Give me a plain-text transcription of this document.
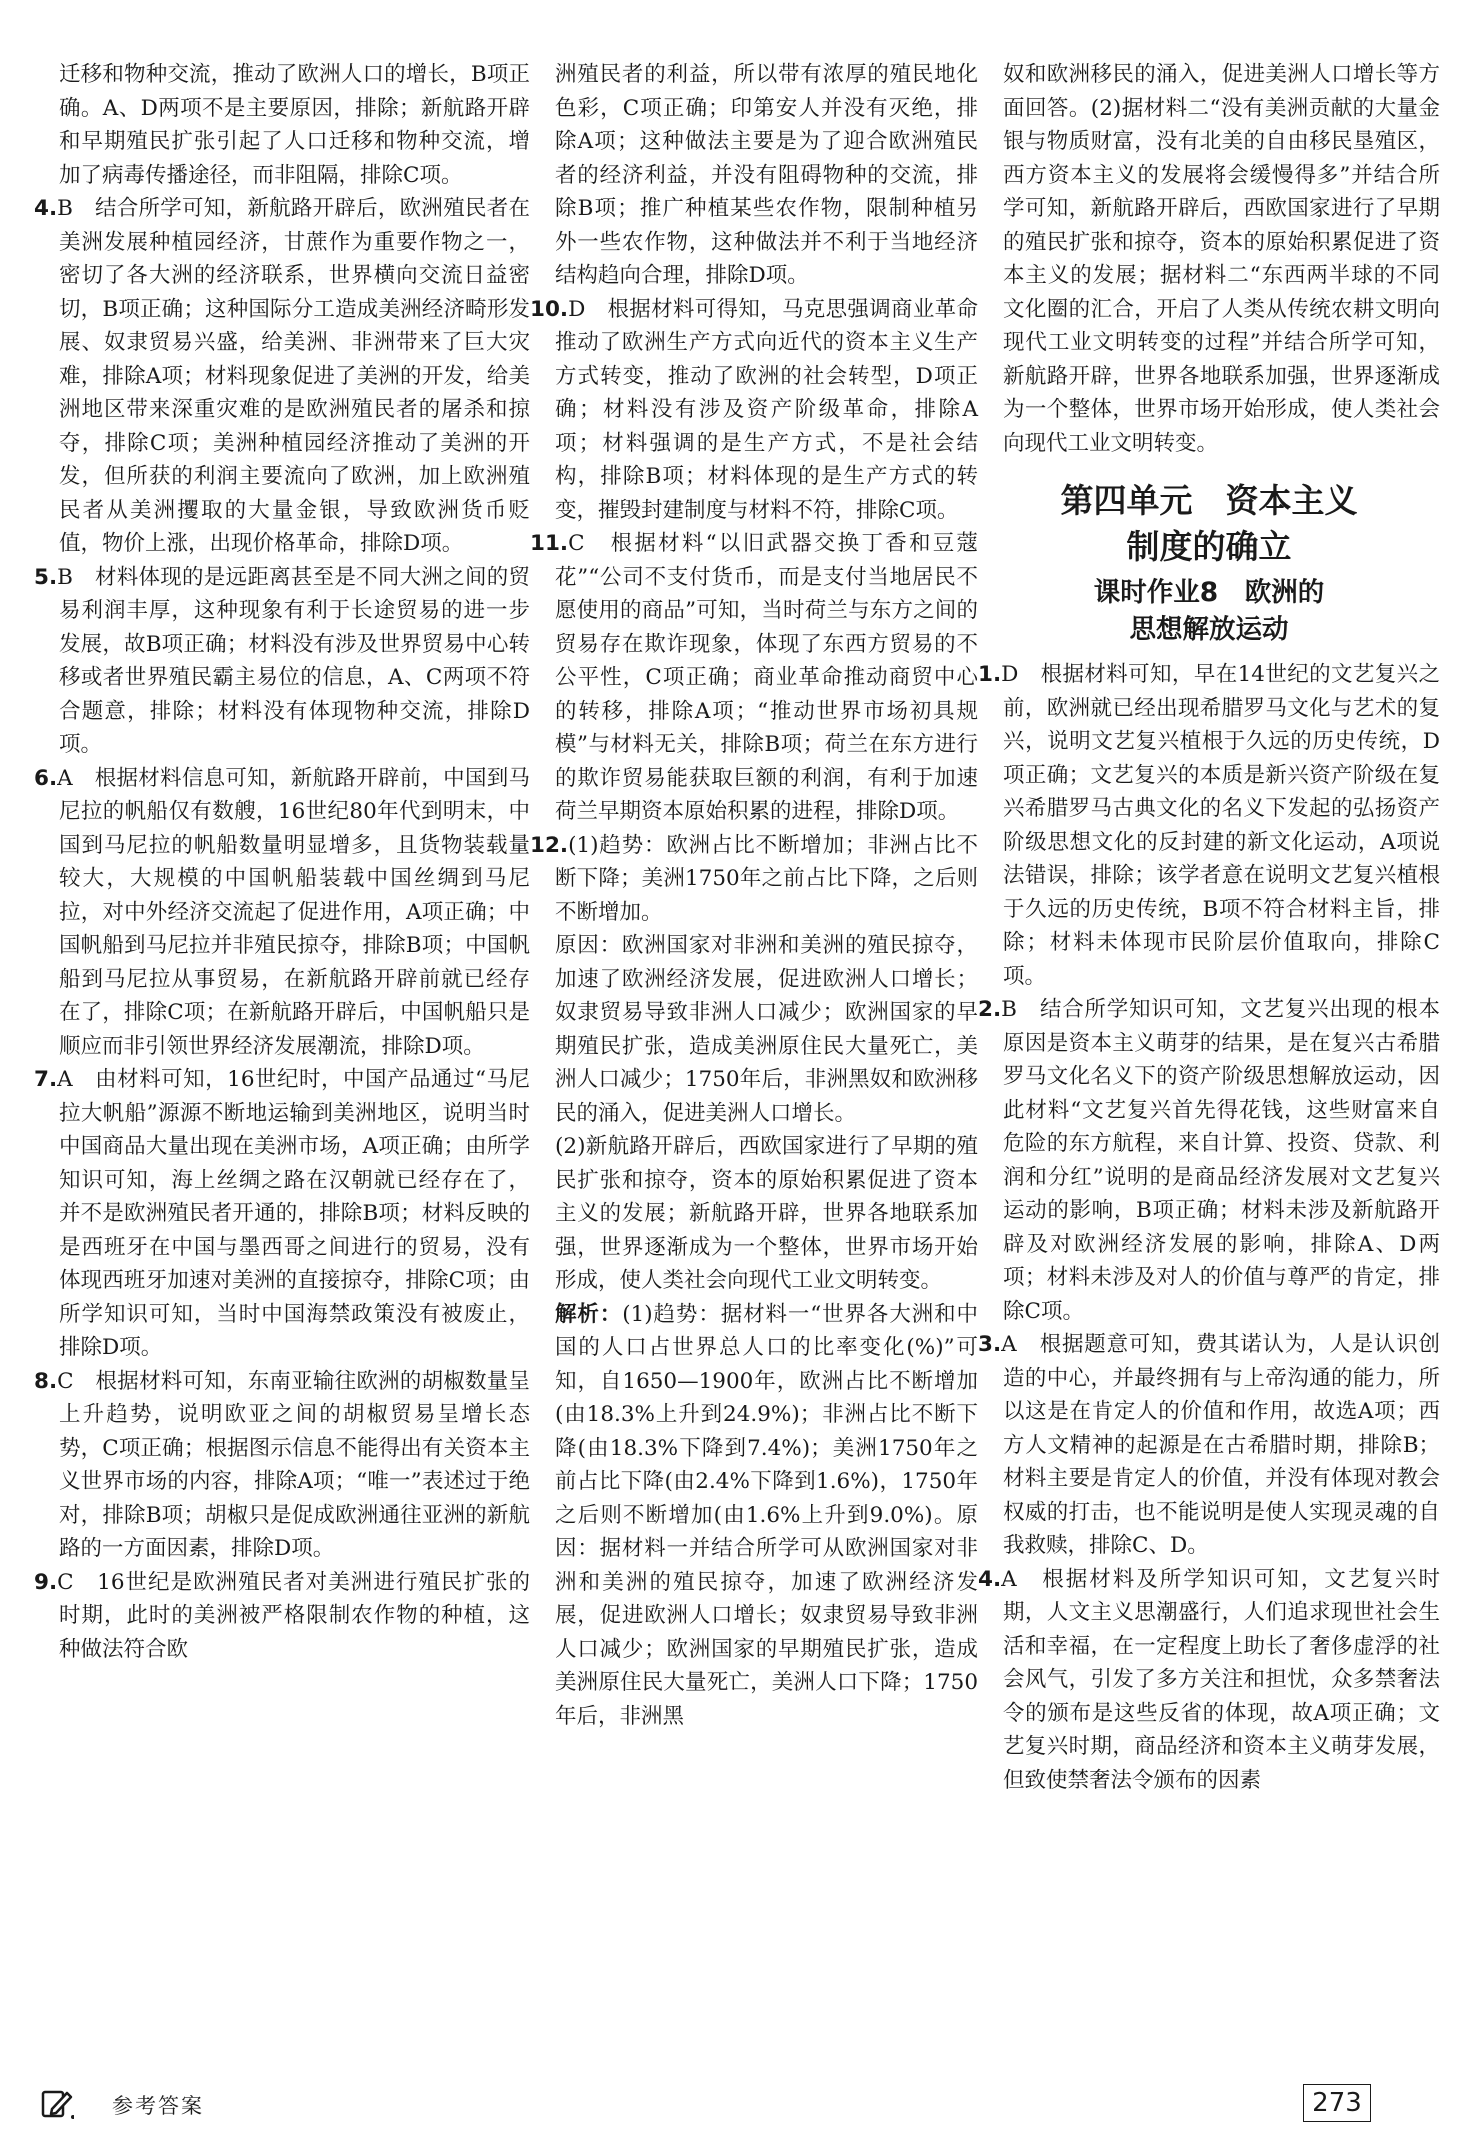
迁移和物种交流，推动了欧洲人口的增长，B项正确。A、D两项不是主要原因，排除；新航路开辟和早期殖民扩张引起了人口迁移和物种交流，增加了病毒传播途径，而非阻隔，排除C项。

4.B　结合所学可知，新航路开辟后，欧洲殖民者在美洲发展种植园经济，甘蔗作为重要作物之一，密切了各大洲的经济联系，世界横向交流日益密切，B项正确；这种国际分工造成美洲经济畸形发展、奴隶贸易兴盛，给美洲、非洲带来了巨大灾难，排除A项；材料现象促进了美洲的开发，给美洲地区带来深重灾难的是欧洲殖民者的屠杀和掠夺，排除C项；美洲种植园经济推动了美洲的开发，但所获的利润主要流向了欧洲，加上欧洲殖民者从美洲攫取的大量金银，导致欧洲货币贬值，物价上涨，出现价格革命，排除D项。

5.B　材料体现的是远距离甚至是不同大洲之间的贸易利润丰厚，这种现象有利于长途贸易的进一步发展，故B项正确；材料没有涉及世界贸易中心转移或者世界殖民霸主易位的信息，A、C两项不符合题意，排除；材料没有体现物种交流，排除D项。

6.A　根据材料信息可知，新航路开辟前，中国到马尼拉的帆船仅有数艘，16世纪80年代到明末，中国到马尼拉的帆船数量明显增多，且货物装载量较大，大规模的中国帆船装载中国丝绸到马尼拉，对中外经济交流起了促进作用，A项正确；中国帆船到马尼拉并非殖民掠夺，排除B项；中国帆船到马尼拉从事贸易，在新航路开辟前就已经存在了，排除C项；在新航路开辟后，中国帆船只是顺应而非引领世界经济发展潮流，排除D项。

7.A　由材料可知，16世纪时，中国产品通过“马尼拉大帆船”源源不断地运输到美洲地区，说明当时中国商品大量出现在美洲市场，A项正确；由所学知识可知，海上丝绸之路在汉朝就已经存在了，并不是欧洲殖民者开通的，排除B项；材料反映的是西班牙在中国与墨西哥之间进行的贸易，没有体现西班牙加速对美洲的直接掠夺，排除C项；由所学知识可知，当时中国海禁政策没有被废止，排除D项。

8.C　根据材料可知，东南亚输往欧洲的胡椒数量呈上升趋势，说明欧亚之间的胡椒贸易呈增长态势，C项正确；根据图示信息不能得出有关资本主义世界市场的内容，排除A项；“唯一”表述过于绝对，排除B项；胡椒只是促成欧洲通往亚洲的新航路的一方面因素，排除D项。

9.C　16世纪是欧洲殖民者对美洲进行殖民扩张的时期，此时的美洲被严格限制农作物的种植，这种做法符合欧

洲殖民者的利益，所以带有浓厚的殖民地化色彩，C项正确；印第安人并没有灭绝，排除A项；这种做法主要是为了迎合欧洲殖民者的经济利益，并没有阻碍物种的交流，排除B项；推广种植某些农作物，限制种植另外一些农作物，这种做法并不利于当地经济结构趋向合理，排除D项。

10.D　根据材料可得知，马克思强调商业革命推动了欧洲生产方式向近代的资本主义生产方式转变，推动了欧洲的社会转型，D项正确；材料没有涉及资产阶级革命，排除A项；材料强调的是生产方式，不是社会结构，排除B项；材料体现的是生产方式的转变，摧毁封建制度与材料不符，排除C项。

11.C　根据材料“以旧武器交换丁香和豆蔻花”“公司不支付货币，而是支付当地居民不愿使用的商品”可知，当时荷兰与东方之间的贸易存在欺诈现象，体现了东西方贸易的不公平性，C项正确；商业革命推动商贸中心的转移，排除A项；“推动世界市场初具规模”与材料无关，排除B项；荷兰在东方进行的欺诈贸易能获取巨额的利润，有利于加速荷兰早期资本原始积累的进程，排除D项。

12.(1)趋势：欧洲占比不断增加；非洲占比不断下降；美洲1750年之前占比下降，之后则不断增加。

原因：欧洲国家对非洲和美洲的殖民掠夺，加速了欧洲经济发展，促进欧洲人口增长；奴隶贸易导致非洲人口减少；欧洲国家的早期殖民扩张，造成美洲原住民大量死亡，美洲人口减少；1750年后，非洲黑奴和欧洲移民的涌入，促进美洲人口增长。

(2)新航路开辟后，西欧国家进行了早期的殖民扩张和掠夺，资本的原始积累促进了资本主义的发展；新航路开辟，世界各地联系加强，世界逐渐成为一个整体，世界市场开始形成，使人类社会向现代工业文明转变。

解析：(1)趋势：据材料一“世界各大洲和中国的人口占世界总人口的比率变化(%)”可知，自1650—1900年，欧洲占比不断增加(由18.3%上升到24.9%)；非洲占比不断下降(由18.3%下降到7.4%)；美洲1750年之前占比下降(由2.4%下降到1.6%)，1750年之后则不断增加(由1.6%上升到9.0%)。原因：据材料一并结合所学可从欧洲国家对非洲和美洲的殖民掠夺，加速了欧洲经济发展，促进欧洲人口增长；奴隶贸易导致非洲人口减少；欧洲国家的早期殖民扩张，造成美洲原住民大量死亡，美洲人口下降；1750年后，非洲黑

奴和欧洲移民的涌入，促进美洲人口增长等方面回答。(2)据材料二“没有美洲贡献的大量金银与物质财富，没有北美的自由移民垦殖区，西方资本主义的发展将会缓慢得多”并结合所学可知，新航路开辟后，西欧国家进行了早期的殖民扩张和掠夺，资本的原始积累促进了资本主义的发展；据材料二“东西两半球的不同文化圈的汇合，开启了人类从传统农耕文明向现代工业文明转变的过程”并结合所学可知，新航路开辟，世界各地联系加强，世界逐渐成为一个整体，世界市场开始形成，使人类社会向现代工业文明转变。

第四单元　资本主义
制度的确立
课时作业8　欧洲的
思想解放运动

1.D　根据材料可知，早在14世纪的文艺复兴之前，欧洲就已经出现希腊罗马文化与艺术的复兴，说明文艺复兴植根于久远的历史传统，D项正确；文艺复兴的本质是新兴资产阶级在复兴希腊罗马古典文化的名义下发起的弘扬资产阶级思想文化的反封建的新文化运动，A项说法错误，排除；该学者意在说明文艺复兴植根于久远的历史传统，B项不符合材料主旨，排除；材料未体现市民阶层价值取向，排除C项。

2.B　结合所学知识可知，文艺复兴出现的根本原因是资本主义萌芽的结果，是在复兴古希腊罗马文化名义下的资产阶级思想解放运动，因此材料“文艺复兴首先得花钱，这些财富来自危险的东方航程，来自计算、投资、贷款、利润和分红”说明的是商品经济发展对文艺复兴运动的影响，B项正确；材料未涉及新航路开辟及对欧洲经济发展的影响，排除A、D两项；材料未涉及对人的价值与尊严的肯定，排除C项。

3.A　根据题意可知，费其诺认为，人是认识创造的中心，并最终拥有与上帝沟通的能力，所以这是在肯定人的价值和作用，故选A项；西方人文精神的起源是在古希腊时期，排除B；材料主要是肯定人的价值，并没有体现对教会权威的打击，也不能说明是使人实现灵魂的自我救赎，排除C、D。

4.A　根据材料及所学知识可知，文艺复兴时期，人文主义思潮盛行，人们追求现世社会生活和幸福，在一定程度上助长了奢侈虚浮的社会风气，引发了多方关注和担忧，众多禁奢法令的颁布是这些反省的体现，故A项正确；文艺复兴时期，商品经济和资本主义萌芽发展，但致使禁奢法令颁布的因素

参考答案	273
